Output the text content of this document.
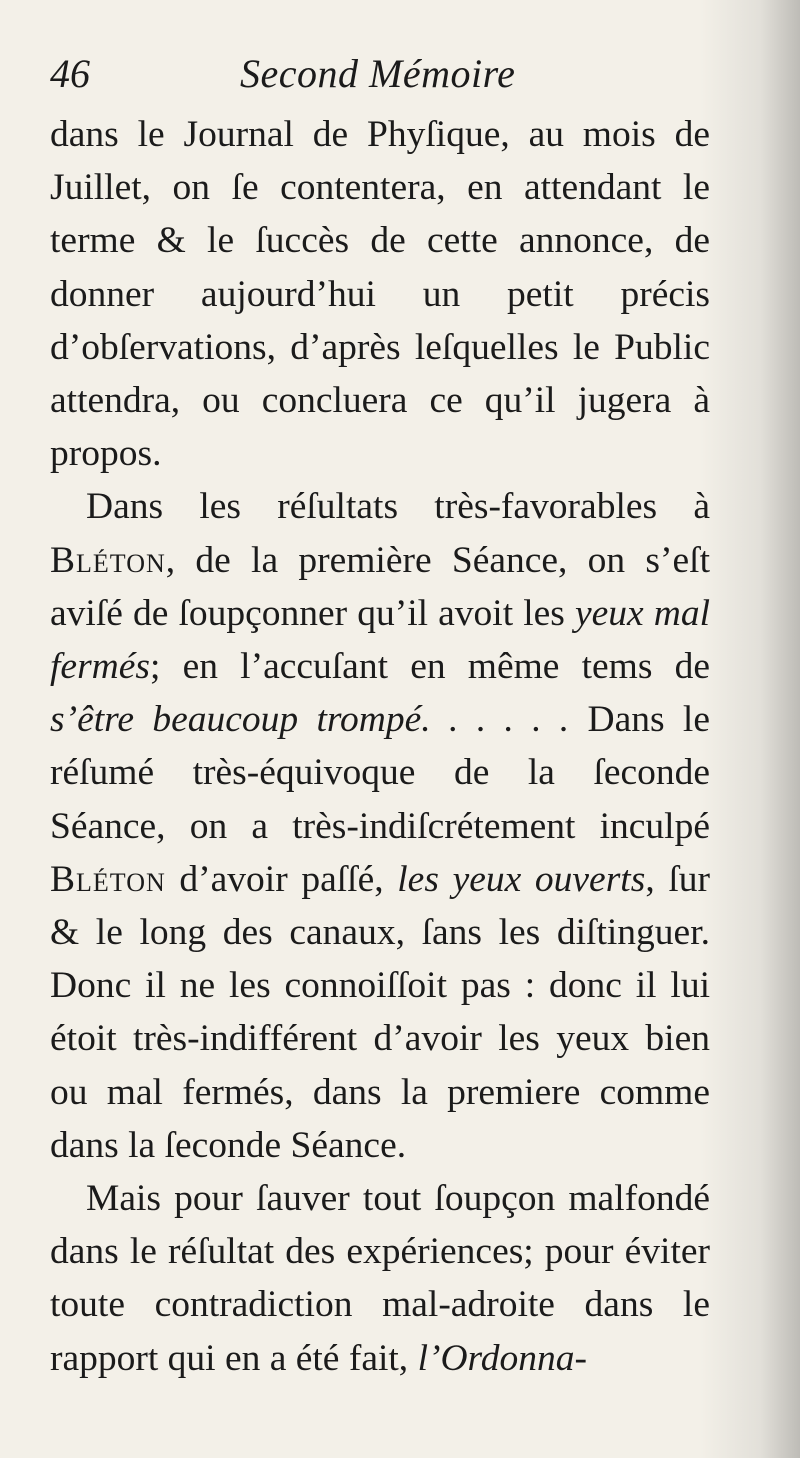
46	Second Mémoire

dans le Journal de Phyſique, au mois de Juillet, on ſe contentera, en attendant le terme & le ſuccès de cette annonce, de donner aujourd’hui un petit précis d’obſervations, d’après leſquelles le Public attendra, ou concluera ce qu’il jugera à propos.

Dans les réſultats très-favorables à Bléton, de la première Séance, on s’eſt aviſé de ſoupçonner qu’il avoit les yeux mal fermés; en l’accuſant en même tems de s’être beaucoup trompé. . . . . . Dans le réſumé très-équivoque de la ſeconde Séance, on a très-indiſcrétement inculpé Bléton d’avoir paſſé, les yeux ouverts, ſur & le long des canaux, ſans les diſtinguer. Donc il ne les connoiſſoit pas : donc il lui étoit très-indifférent d’avoir les yeux bien ou mal fermés, dans la premiere comme dans la ſeconde Séance.

Mais pour ſauver tout ſoupçon malfondé dans le réſultat des expériences; pour éviter toute contradiction mal-adroite dans le rapport qui en a été fait, l’Ordonna-
